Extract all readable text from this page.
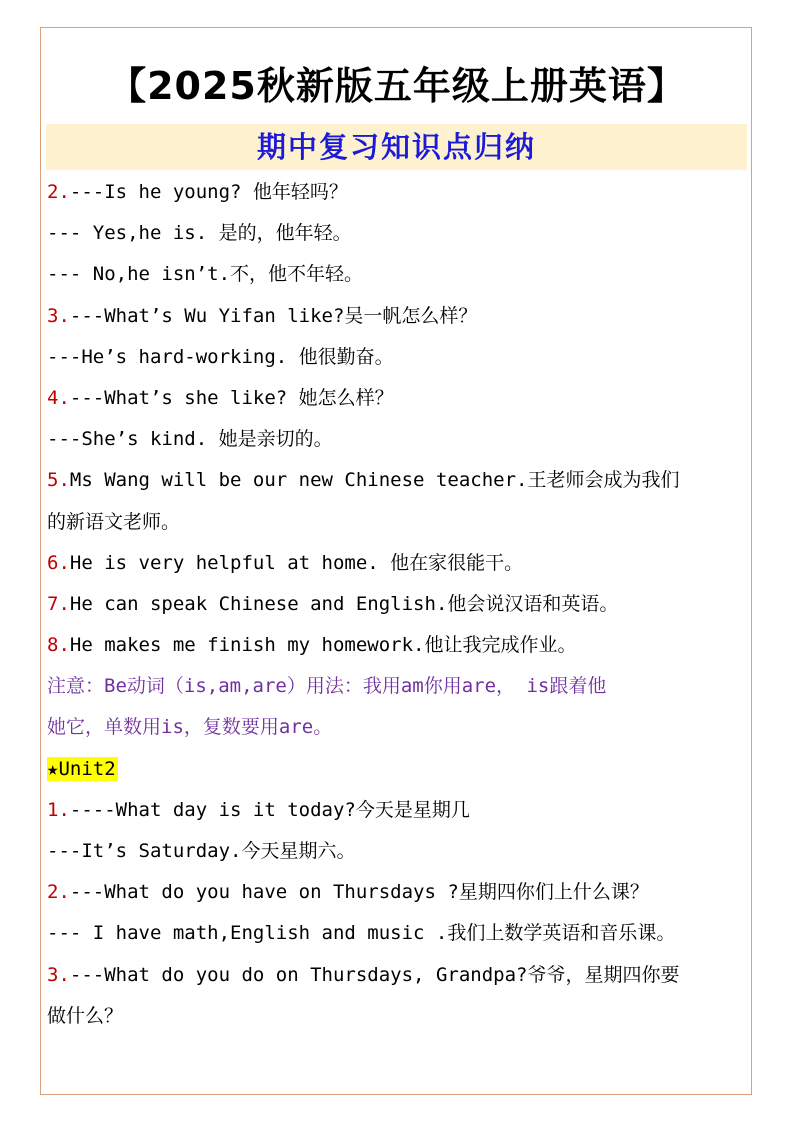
【2025秋新版五年级上册英语】
期中复习知识点归纳
2.---Is he young? 他年轻吗？
--- Yes,he is. 是的，他年轻。
--- No,he isn’t.不，他不年轻。
3.---What’s Wu Yifan like?吴一帆怎么样？
---He’s hard-working. 他很勤奋。
4.---What’s she like? 她怎么样？
---She’s kind. 她是亲切的。
5.Ms Wang will be our new Chinese teacher.王老师会成为我们
的新语文老师。
6.He is very helpful at home. 他在家很能干。
7.He can speak Chinese and English.他会说汉语和英语。
8.He makes me finish my homework.他让我完成作业。
注意：Be动词（is,am,are）用法：我用am你用are， is跟着他
她它，单数用is，复数要用are。
★Unit2
1.----What day is it today?今天是星期几
---It’s Saturday.今天星期六。
2.---What do you have on Thursdays ?星期四你们上什么课？
--- I have math,English and music .我们上数学英语和音乐课。
3.---What do you do on Thursdays, Grandpa?爷爷，星期四你要
做什么？
